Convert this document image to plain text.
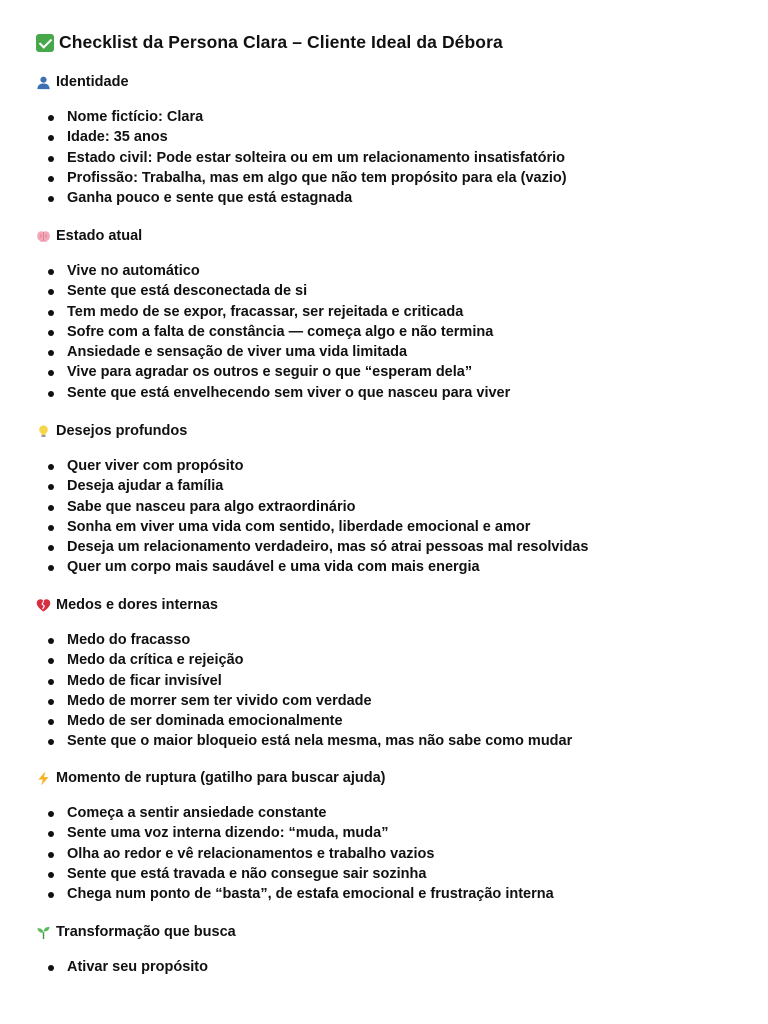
Checklist da Persona Clara – Cliente Ideal da Débora
Identidade
Nome fictício: Clara
Idade: 35 anos
Estado civil: Pode estar solteira ou em um relacionamento insatisfatório
Profissão: Trabalha, mas em algo que não tem propósito para ela (vazio)
Ganha pouco e sente que está estagnada
Estado atual
Vive no automático
Sente que está desconectada de si
Tem medo de se expor, fracassar, ser rejeitada e criticada
Sofre com a falta de constância — começa algo e não termina
Ansiedade e sensação de viver uma vida limitada
Vive para agradar os outros e seguir o que “esperam dela”
Sente que está envelhecendo sem viver o que nasceu para viver
Desejos profundos
Quer viver com propósito
Deseja ajudar a família
Sabe que nasceu para algo extraordinário
Sonha em viver uma vida com sentido, liberdade emocional e amor
Deseja um relacionamento verdadeiro, mas só atrai pessoas mal resolvidas
Quer um corpo mais saudável e uma vida com mais energia
Medos e dores internas
Medo do fracasso
Medo da crítica e rejeição
Medo de ficar invisível
Medo de morrer sem ter vivido com verdade
Medo de ser dominada emocionalmente
Sente que o maior bloqueio está nela mesma, mas não sabe como mudar
Momento de ruptura (gatilho para buscar ajuda)
Começa a sentir ansiedade constante
Sente uma voz interna dizendo: “muda, muda”
Olha ao redor e vê relacionamentos e trabalho vazios
Sente que está travada e não consegue sair sozinha
Chega num ponto de “basta”, de estafa emocional e frustração interna
Transformação que busca
Ativar seu propósito
